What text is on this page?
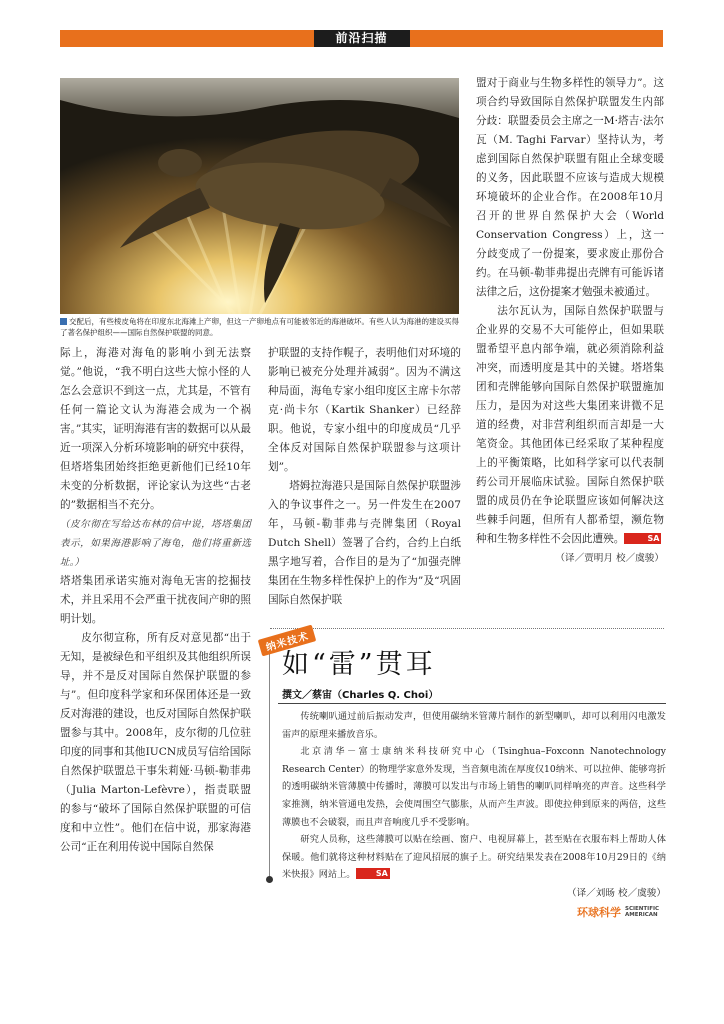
前沿扫描
交配后，有些棱皮龟将在印度东北海滩上产卵，但这一产卵地点有可能被邻近的海港破坏。有些人认为海港的建设买得了著名保护组织——国际自然保护联盟的同意。

际上，海港对海龟的影响小到无法察觉。”他说，“我不明白这些大惊小怪的人怎么会意识不到这一点，尤其是，不管有任何一篇论文认为海港会成为一个祸害。”其实，证明海港有害的数据可以从最近一项深入分析环境影响的研究中获得，但塔塔集团始终拒绝更新他们已经10年未变的分析数据，评论家认为这些“古老的”数据相当不充分。

（皮尔彻在写给达布林的信中说，塔塔集团表示，如果海港影响了海龟，他们将重新选址。）

塔塔集团承诺实施对海龟无害的挖掘技术，并且采用不会严重干扰夜间产卵的照明计划。

皮尔彻宣称，所有反对意见都“出于无知，是被绿色和平组织及其他组织所误导，并不是反对国际自然保护联盟的参与”。但印度科学家和环保团体还是一致反对海港的建设，也反对国际自然保护联盟参与其中。2008年，皮尔彻的几位驻印度的同事和其他IUCN成员写信给国际自然保护联盟总干事朱莉娅·马顿-勒菲弗（Julia Marton-Lefèvre），指责联盟的参与“破坏了国际自然保护联盟的可信度和中立性”。他们在信中说，那家海港公司“正在利用传说中国际自然保

护联盟的支持作幌子，表明他们对环境的影响已被充分处理并减弱”。因为不满这种局面，海龟专家小组印度区主席卡尔蒂克·尚卡尔（Kartik Shanker）已经辞职。他说，专家小组中的印度成员“几乎全体反对国际自然保护联盟参与这项计划”。

塔姆拉海港只是国际自然保护联盟涉入的争议事件之一。另一件发生在2007年，马顿-勒菲弗与壳牌集团（Royal Dutch Shell）签署了合约，合约上白纸黑字地写着，合作目的是为了“加强壳牌集团在生物多样性保护上的作为”及“巩固国际自然保护联

盟对于商业与生物多样性的领导力”。这项合约导致国际自然保护联盟发生内部分歧：联盟委员会主席之一M·塔吉·法尔瓦（M. Taghi Farvar）坚持认为，考虑到国际自然保护联盟有阻止全球变暖的义务，因此联盟不应该与造成大规模环境破坏的企业合作。在2008年10月召开的世界自然保护大会（World Conservation Congress）上，这一分歧变成了一份提案，要求废止那份合约。在马顿-勒菲弗提出壳牌有可能诉诸法律之后，这份提案才勉强未被通过。

法尔瓦认为，国际自然保护联盟与企业界的交易不大可能停止，但如果联盟希望平息内部争端，就必须消除利益冲突，而透明度是其中的关键。塔塔集团和壳牌能够向国际自然保护联盟施加压力，是因为对这些大集团来讲微不足道的经费，对非营利组织而言却是一大笔资金。其他团体已经采取了某种程度上的平衡策略，比如科学家可以代表制药公司开展临床试验。国际自然保护联盟的成员仍在争论联盟应该如何解决这些棘手问题，但所有人都希望，濒危物种和生物多样性不会因此遭殃。	SA

（译／贾明月 校／虞骏）

纳米技术
如“雷”贯耳
撰文／蔡宙（Charles Q. Choi）

传统喇叭通过前后振动发声，但使用碳纳米管薄片制作的新型喇叭，却可以利用闪电激发雷声的原理来播放音乐。

北京清华－富士康纳米科技研究中心（Tsinghua–Foxconn Nanotechnology Research Center）的物理学家意外发现，当音频电流在厚度仅10纳米、可以拉伸、能够弯折的透明碳纳米管薄膜中传播时，薄膜可以发出与市场上销售的喇叭同样响亮的声音。这些科学家推测，纳米管通电发热，会使周围空气膨胀，从而产生声波。即使拉伸到原来的两倍，这些薄膜也不会破裂，而且声音响度几乎不受影响。

研究人员称，这些薄膜可以贴在绘画、窗户、电视屏幕上，甚至贴在衣服布料上帮助人体保暖。他们就将这种材料贴在了迎风招展的旗子上。研究结果发表在2008年10月29日的《纳米快报》网站上。	SA

（译／刘旸 校／虞骏）

环球科学 SCIENTIFIC
AMERICAN
